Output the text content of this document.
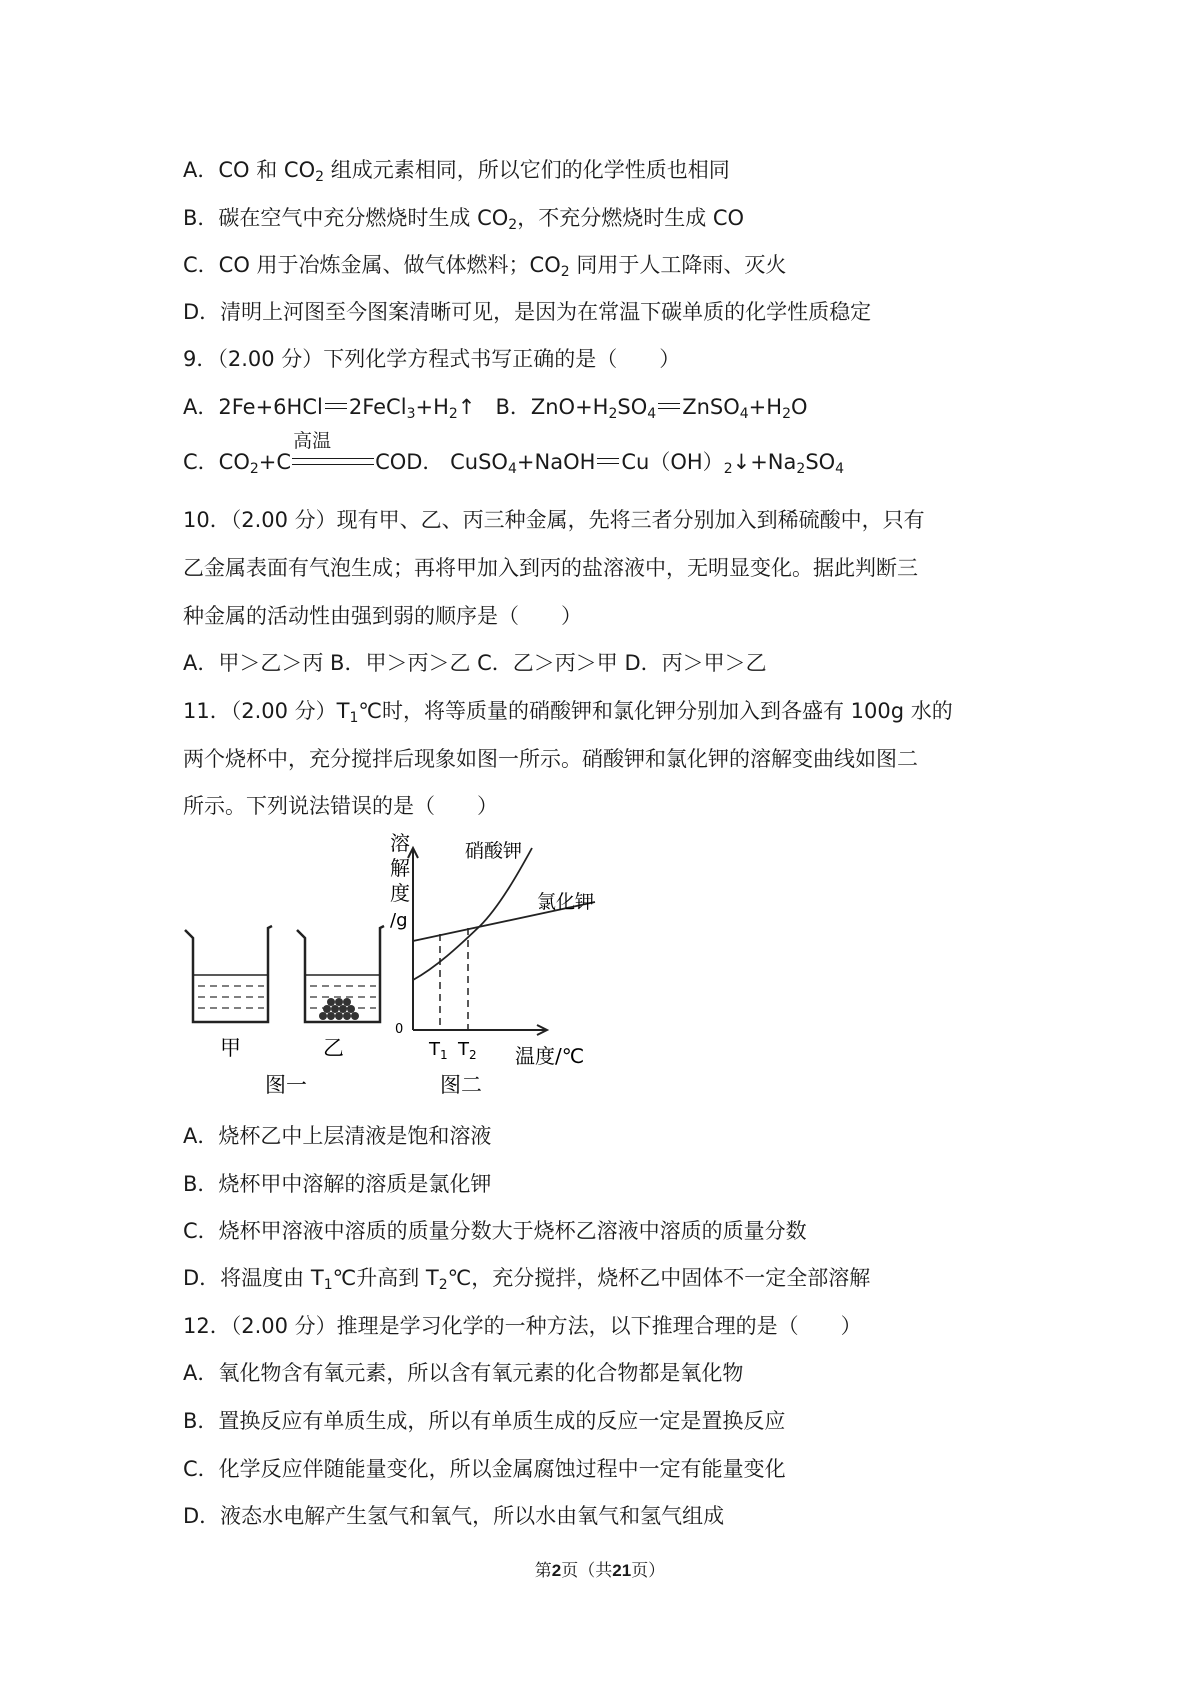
A．CO 和 $CO_2$ 组成元素相同，所以它们的化学性质也相同
B．碳在空气中充分燃烧时生成 $CO_2$，不充分燃烧时生成 CO
C．CO 用于冶炼金属、做气体燃料；$CO_2$ 同用于人工降雨、灭火
D．清明上河图至今图案清晰可见，是因为在常温下碳单质的化学性质稳定
9．（2.00 分）下列化学方程式书写正确的是（　　）
A．2Fe+6HCl $2FeCl_3+H_2↑$ B．$ZnO+H_2SO_4$ $ZnSO_4+H_2O$
C．$CO_2+C$
高温
COD． CuSO$_4$+NaOH $Cu(OH)_2↓+Na_2SO_4$
10．（2.00 分）现有甲、乙、丙三种金属，先将三者分别加入到稀硫酸中，只有
乙金属表面有气泡生成；再将甲加入到丙的盐溶液中，无明显变化。据此判断三
种金属的活动性由强到弱的顺序是（　　）
A．甲＞乙＞丙 B．甲＞丙＞乙 C．乙＞丙＞甲 D．丙＞甲＞乙
11．（2.00 分）$T_1℃$时，将等质量的硝酸钾和氯化钾分别加入到各盛有 100g 水的
两个烧杯中，充分搅拌后现象如图一所示。硝酸钾和氯化钾的溶解变曲线如图二
所示。下列说法错误的是（　　）
甲	乙
图一
溶
解
度
/g
0
$T_1$ $T_2$ 温度/℃
硝酸钾
氯化钾
图二
A．烧杯乙中上层清液是饱和溶液
B．烧杯甲中溶解的溶质是氯化钾
C．烧杯甲溶液中溶质的质量分数大于烧杯乙溶液中溶质的质量分数
D．将温度由 $T_1℃$升高到 $T_2℃$，充分搅拌，烧杯乙中固体不一定全部溶解
12．（2.00 分）推理是学习化学的一种方法，以下推理合理的是（　　）
A．氧化物含有氧元素，所以含有氧元素的化合物都是氧化物
B．置换反应有单质生成，所以有单质生成的反应一定是置换反应
C．化学反应伴随能量变化，所以金属腐蚀过程中一定有能量变化
D．液态水电解产生氢气和氧气，所以水由氧气和氢气组成
第2页（共21页）
